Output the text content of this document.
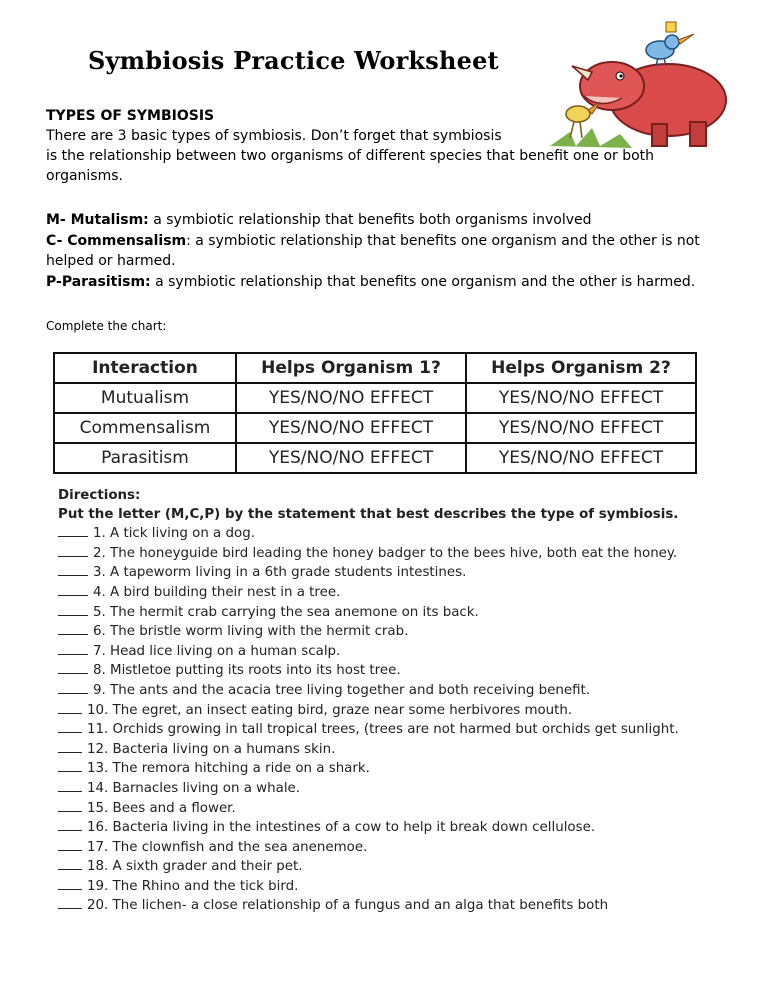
Symbiosis Practice Worksheet
TYPES OF SYMBIOSIS
There are 3 basic types of symbiosis. Don’t forget that symbiosis
is the relationship between two organisms of different species that benefit one or both organisms.
M- Mutalism: a symbiotic relationship that benefits both organisms involved
C- Commensalism: a symbiotic relationship that benefits one organism and the other is not helped or harmed.
P-Parasitism: a symbiotic relationship that benefits one organism and the other is harmed.
Complete the chart:
Interaction	Helps Organism 1?	Helps Organism 2?
Mutualism	YES/NO/NO EFFECT	YES/NO/NO EFFECT
Commensalism	YES/NO/NO EFFECT	YES/NO/NO EFFECT
Parasitism	YES/NO/NO EFFECT	YES/NO/NO EFFECT
Directions:
Put the letter (M,C,P) by the statement that best describes the type of symbiosis.
1. A tick living on a dog.
2. The honeyguide bird leading the honey badger to the bees hive, both eat the honey.
3. A tapeworm living in a 6th grade students intestines.
4. A bird building their nest in a tree.
5. The hermit crab carrying the sea anemone on its back.
6. The bristle worm living with the hermit crab.
7. Head lice living on a human scalp.
8. Mistletoe putting its roots into its host tree.
9. The ants and the acacia tree living together and both receiving benefit.
10. The egret, an insect eating bird, graze near some herbivores mouth.
11. Orchids growing in tall tropical trees, (trees are not harmed but orchids get sunlight.
12. Bacteria living on a humans skin.
13. The remora hitching a ride on a shark.
14. Barnacles living on a whale.
15. Bees and a flower.
16. Bacteria living in the intestines of a cow to help it break down cellulose.
17. The clownfish and the sea anenemoe.
18. A sixth grader and their pet.
19. The Rhino and the tick bird.
20. The lichen- a close relationship of a fungus and an alga that benefits both
